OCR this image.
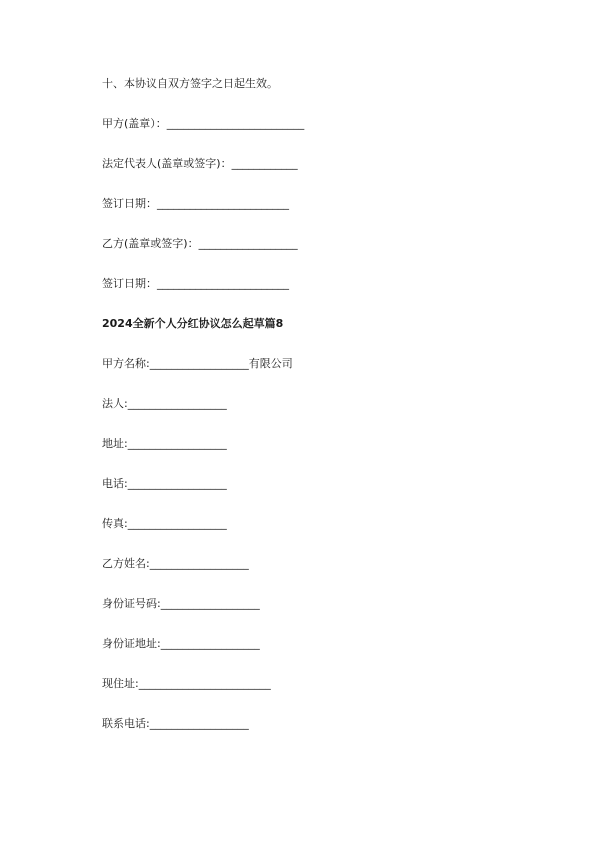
十、本协议自双方签字之日起生效。
甲方(盖章）：_________________________
法定代表人(盖章或签字)：____________
签订日期：________________________
乙方(盖章或签字)：__________________
签订日期：________________________
2024全新个人分红协议怎么起草篇8
甲方名称:__________________有限公司
法人:__________________
地址:__________________
电话:__________________
传真:__________________
乙方姓名:__________________
身份证号码:__________________
身份证地址:__________________
现住址:________________________
联系电话:__________________
